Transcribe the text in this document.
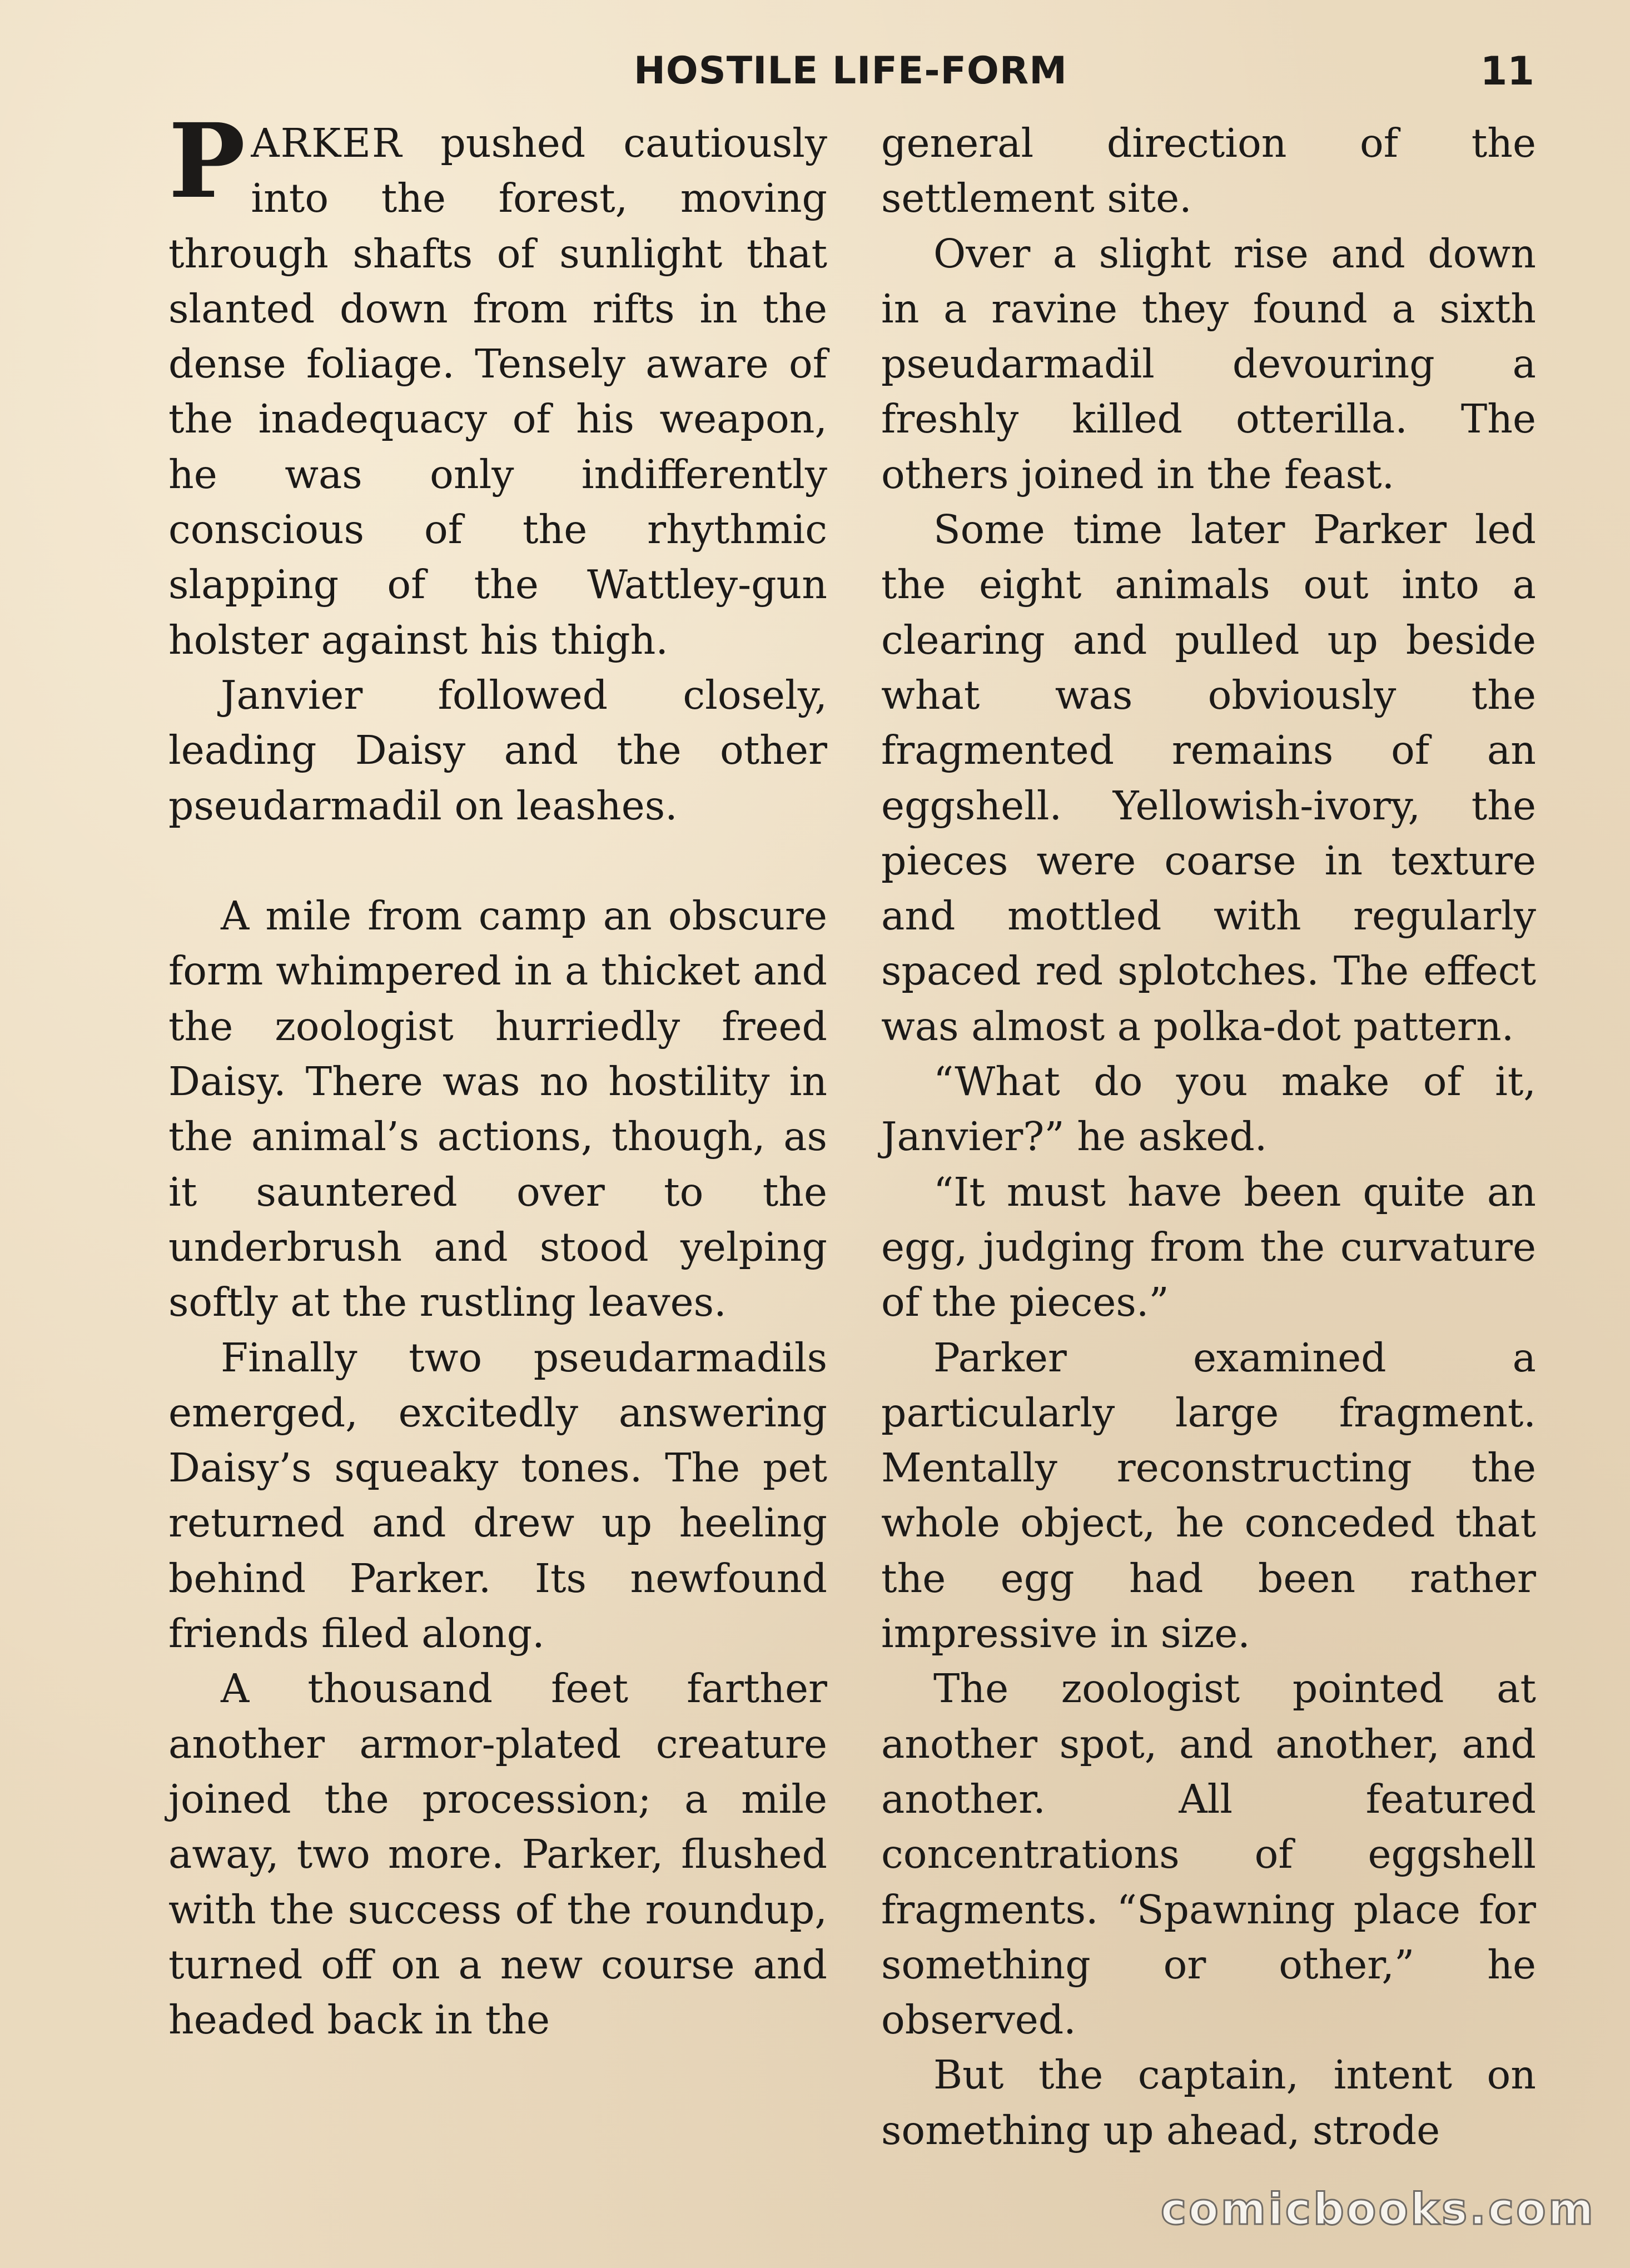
HOSTILE LIFE-FORM	11

PARKER pushed cautiously into the forest, moving through shafts of sunlight that slanted down from rifts in the dense foliage. Tensely aware of the inadequacy of his weapon, he was only indifferently conscious of the rhythmic slapping of the Wattley-gun holster against his thigh.

Janvier followed closely, leading Daisy and the other pseudarmadil on leashes.

A mile from camp an obscure form whimpered in a thicket and the zoologist hurriedly freed Daisy. There was no hostility in the animal’s actions, though, as it sauntered over to the underbrush and stood yelping softly at the rustling leaves.

Finally two pseudarmadils emerged, excitedly answering Daisy’s squeaky tones. The pet returned and drew up heeling behind Parker. Its newfound friends filed along.

A thousand feet farther another armor-plated creature joined the procession; a mile away, two more. Parker, flushed with the success of the roundup, turned off on a new course and headed back in the

general direction of the settlement site.

Over a slight rise and down in a ravine they found a sixth pseudarmadil devouring a freshly killed otterilla. The others joined in the feast.

Some time later Parker led the eight animals out into a clearing and pulled up beside what was obviously the fragmented remains of an eggshell. Yellowish-ivory, the pieces were coarse in texture and mottled with regularly spaced red splotches. The effect was almost a polka-dot pattern.

“What do you make of it, Janvier?” he asked.

“It must have been quite an egg, judging from the curvature of the pieces.”

Parker examined a particularly large fragment. Mentally reconstructing the whole object, he conceded that the egg had been rather impressive in size.

The zoologist pointed at another spot, and another, and another. All featured concentrations of eggshell fragments. “Spawning place for something or other,” he observed.

But the captain, intent on something up ahead, strode

comicbooks.com
